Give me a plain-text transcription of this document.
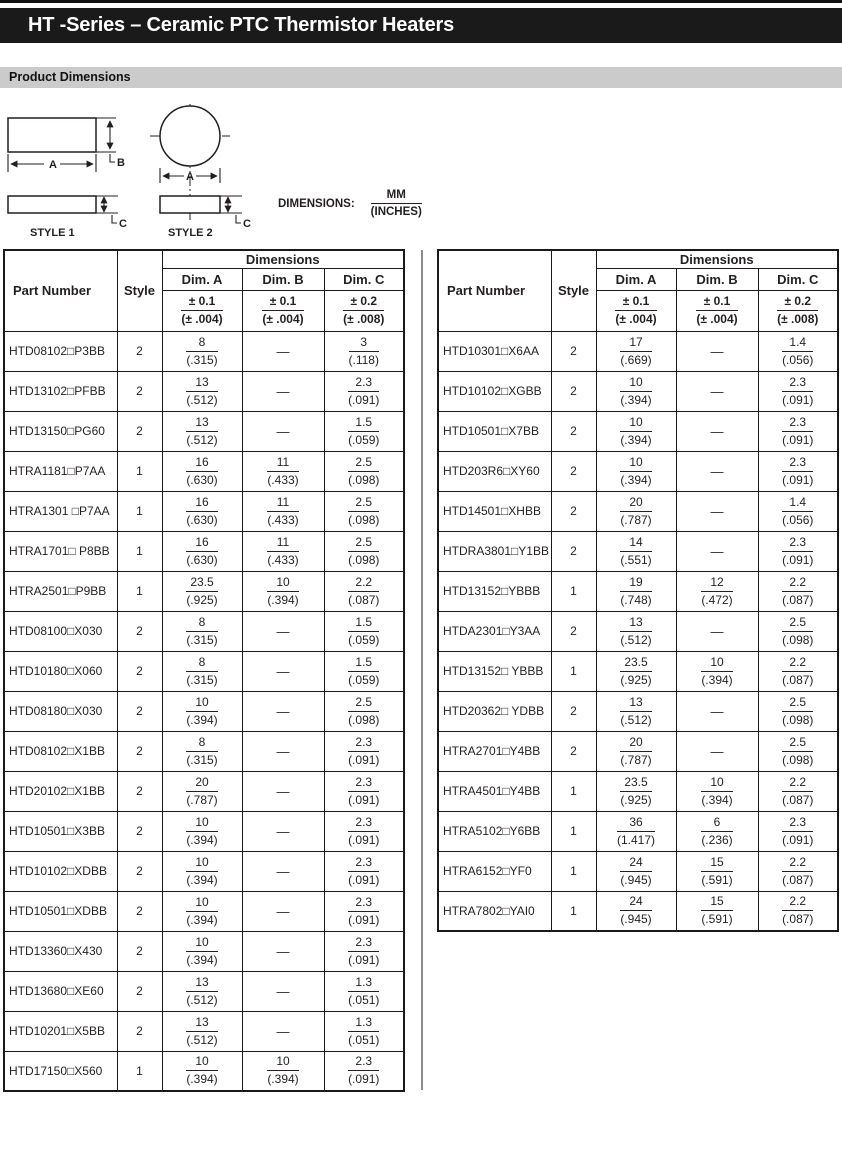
HT -Series – Ceramic PTC Thermistor Heaters
Product Dimensions
B
A
C
STYLE 1
A
C
STYLE 2
DIMENSIONS: $\frac{MM}{\text{(INCHES)}}$
Part Number	Style	Dimensions		
		Dim. A	Dim. B	Dim. C

		$\frac{\pm 0.1}{(\pm .004)}$	$\frac{\pm 0.1}{(\pm .004)}$	$\frac{\pm 0.2}{(\pm .008)}$

HTD08102□P3BB	2	$\frac{8}{(.315)}$	—	$\frac{3}{(.118)}$

HTD13102□PFBB	2	$\frac{13}{(.512)}$	—	$\frac{2.3}{(.091)}$

HTD13150□PG60	2	$\frac{13}{(.512)}$	—	$\frac{1.5}{(.059)}$

HTRA1181□P7AA	1	$\frac{16}{(.630)}$	$\frac{11}{(.433)}$	$\frac{2.5}{(.098)}$

HTRA1301 □P7AA	1	$\frac{16}{(.630)}$	$\frac{11}{(.433)}$	$\frac{2.5}{(.098)}$

HTRA1701□ P8BB	1	$\frac{16}{(.630)}$	$\frac{11}{(.433)}$	$\frac{2.5}{(.098)}$

HTRA2501□P9BB	1	$\frac{23.5}{(.925)}$	$\frac{10}{(.394)}$	$\frac{2.2}{(.087)}$

HTD08100□X030	2	$\frac{8}{(.315)}$	—	$\frac{1.5}{(.059)}$

HTD10180□X060	2	$\frac{8}{(.315)}$	—	$\frac{1.5}{(.059)}$

HTD08180□X030	2	$\frac{10}{(.394)}$	—	$\frac{2.5}{(.098)}$

HTD08102□X1BB	2	$\frac{8}{(.315)}$	—	$\frac{2.3}{(.091)}$

HTD20102□X1BB	2	$\frac{20}{(.787)}$	—	$\frac{2.3}{(.091)}$

HTD10501□X3BB	2	$\frac{10}{(.394)}$	—	$\frac{2.3}{(.091)}$

HTD10102□XDBB	2	$\frac{10}{(.394)}$	—	$\frac{2.3}{(.091)}$

HTD10501□XDBB	2	$\frac{10}{(.394)}$	—	$\frac{2.3}{(.091)}$

HTD13360□X430	2	$\frac{10}{(.394)}$	—	$\frac{2.3}{(.091)}$

HTD13680□XE60	2	$\frac{13}{(.512)}$	—	$\frac{1.3}{(.051)}$

HTD10201□X5BB	2	$\frac{13}{(.512)}$	—	$\frac{1.3}{(.051)}$

HTD17150□X560	1	$\frac{10}{(.394)}$	$\frac{10}{(.394)}$	$\frac{2.3}{(.091)}$
Part Number	Style	Dimensions		
		Dim. A	Dim. B	Dim. C

		$\frac{\pm 0.1}{(\pm .004)}$	$\frac{\pm 0.1}{(\pm .004)}$	$\frac{\pm 0.2}{(\pm .008)}$

HTD10301□X6AA	2	$\frac{17}{(.669)}$	—	$\frac{1.4}{(.056)}$

HTD10102□XGBB	2	$\frac{10}{(.394)}$	—	$\frac{2.3}{(.091)}$

HTD10501□X7BB	2	$\frac{10}{(.394)}$	—	$\frac{2.3}{(.091)}$

HTD203R6□XY60	2	$\frac{10}{(.394)}$	—	$\frac{2.3}{(.091)}$

HTD14501□XHBB	2	$\frac{20}{(.787)}$	—	$\frac{1.4}{(.056)}$

HTDRA3801□Y1BB	2	$\frac{14}{(.551)}$	—	$\frac{2.3}{(.091)}$

HTD13152□YBBB	1	$\frac{19}{(.748)}$	$\frac{12}{(.472)}$	$\frac{2.2}{(.087)}$

HTDA2301□Y3AA	2	$\frac{13}{(.512)}$	—	$\frac{2.5}{(.098)}$

HTD13152□ YBBB	1	$\frac{23.5}{(.925)}$	$\frac{10}{(.394)}$	$\frac{2.2}{(.087)}$

HTD20362□ YDBB	2	$\frac{13}{(.512)}$	—	$\frac{2.5}{(.098)}$

HTRA2701□Y4BB	2	$\frac{20}{(.787)}$	—	$\frac{2.5}{(.098)}$

HTRA4501□Y4BB	1	$\frac{23.5}{(.925)}$	$\frac{10}{(.394)}$	$\frac{2.2}{(.087)}$

HTRA5102□Y6BB	1	$\frac{36}{(1.417)}$	$\frac{6}{(.236)}$	$\frac{2.3}{(.091)}$

HTRA6152□YF0	1	$\frac{24}{(.945)}$	$\frac{15}{(.591)}$	$\frac{2.2}{(.087)}$

HTRA7802□YAI0	1	$\frac{24}{(.945)}$	$\frac{15}{(.591)}$	$\frac{2.2}{(.087)}$
